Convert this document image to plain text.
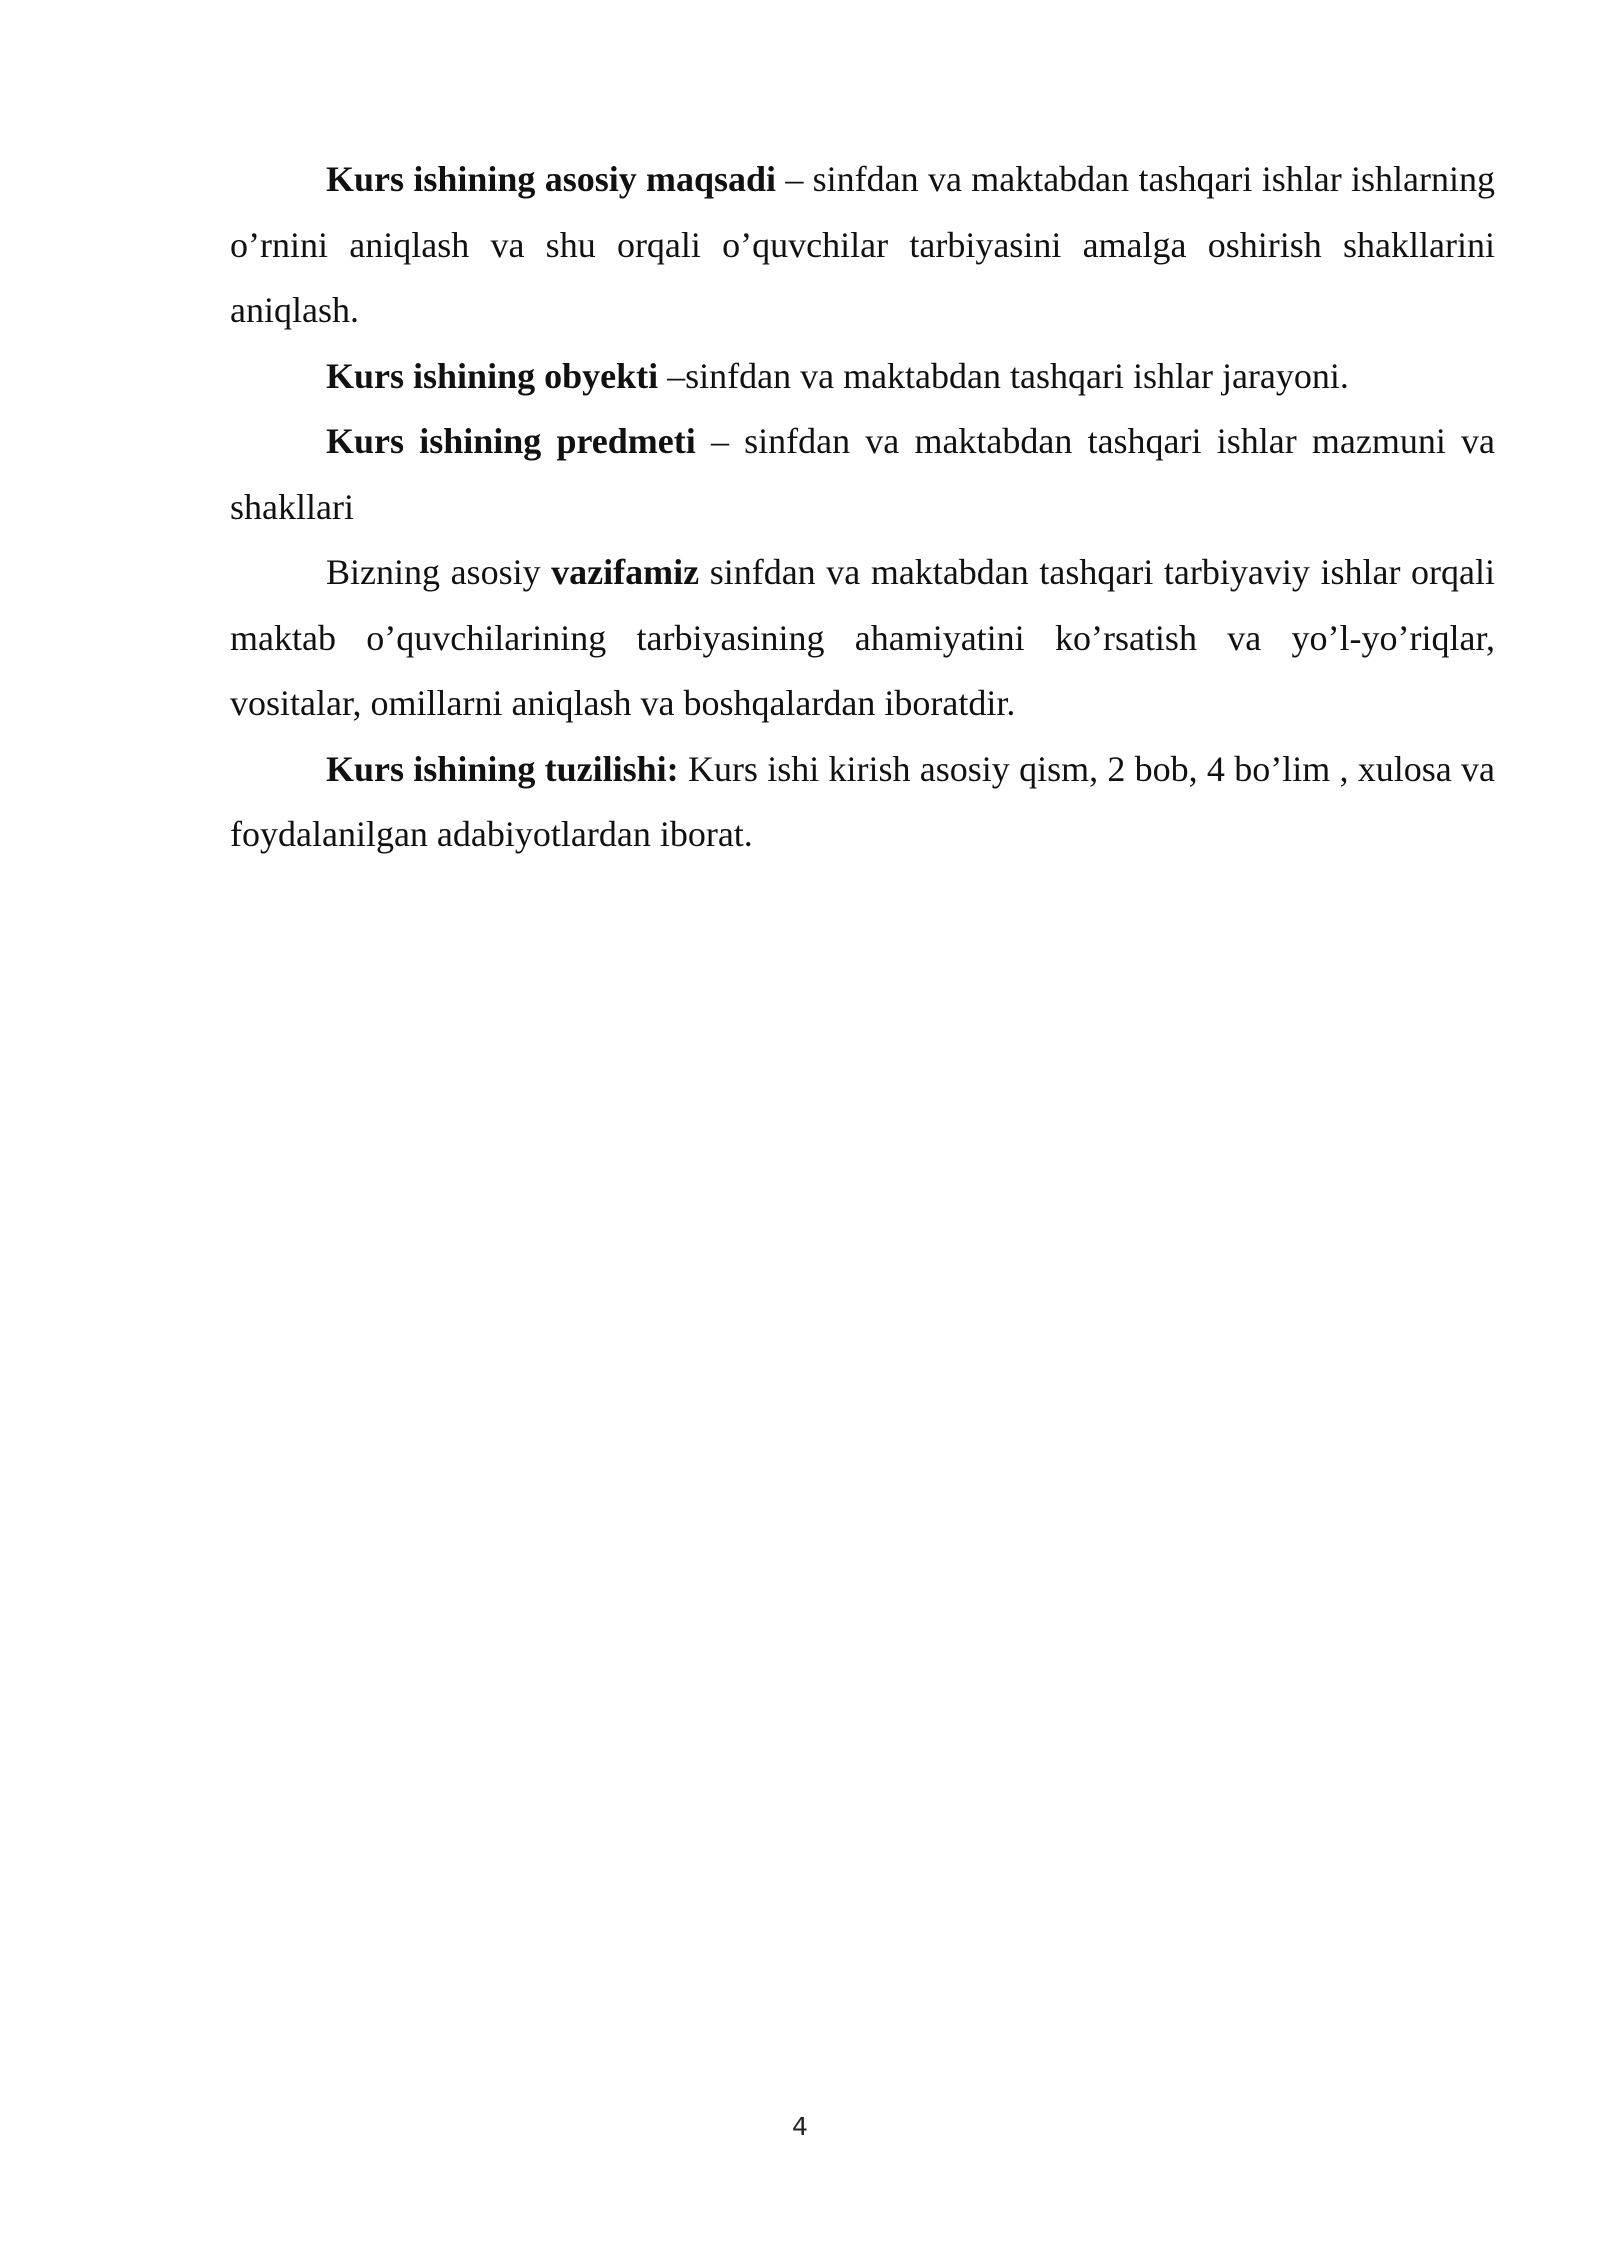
Kurs ishining asosiy maqsadi – sinfdan va maktabdan tashqari ishlar ishlarning o’rnini aniqlash va shu orqali o’quvchilar tarbiyasini amalga oshirish shakllarini aniqlash.

Kurs ishining obyekti –sinfdan va maktabdan tashqari ishlar jarayoni.

Kurs ishining predmeti – sinfdan va maktabdan tashqari ishlar mazmuni va shakllari

Bizning asosiy vazifamiz sinfdan va maktabdan tashqari tarbiyaviy ishlar orqali maktab o’quvchilarining tarbiyasining ahamiyatini ko’rsatish va yo’l-yo’riqlar, vositalar, omillarni aniqlash va boshqalardan iboratdir.

Kurs ishining tuzilishi: Kurs ishi kirish asosiy qism, 2 bob, 4 bo’lim , xulosa va foydalanilgan adabiyotlardan iborat.

4
